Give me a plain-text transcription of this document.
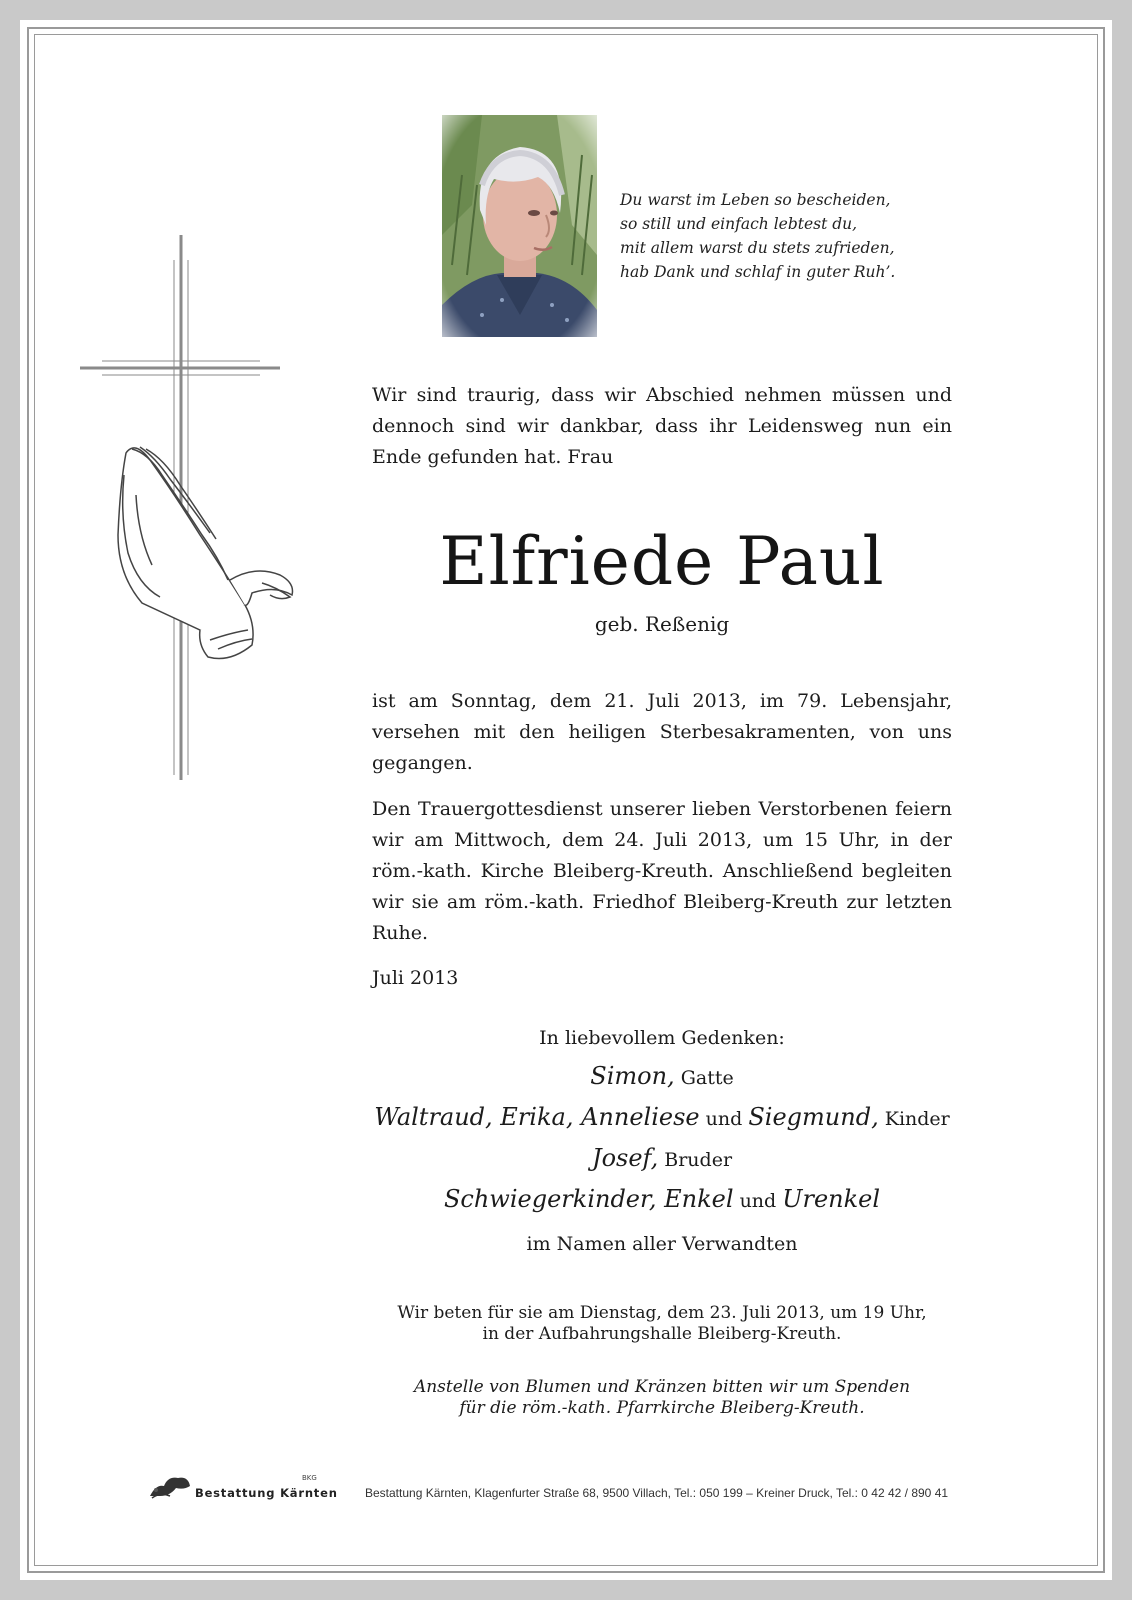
Du warst im Leben so bescheiden,
so still und einfach lebtest du,
mit allem warst du stets zufrieden,
hab Dank und schlaf in guter Ruh’.
Wir sind traurig, dass wir Abschied nehmen müssen und dennoch sind wir dankbar, dass ihr Leidensweg nun ein Ende gefunden hat. Frau
Elfriede Paul
geb. Reßenig
ist am Sonntag, dem 21. Juli 2013, im 79. Lebensjahr, versehen mit den heiligen Sterbesakramenten, von uns gegangen.
Den Trauergottesdienst unserer lieben Verstorbenen feiern wir am Mittwoch, dem 24. Juli 2013, um 15 Uhr, in der röm.-kath. Kirche Bleiberg-Kreuth. Anschließend begleiten wir sie am röm.-kath. Friedhof Bleiberg-Kreuth zur letzten Ruhe.
Juli 2013
In liebevollem Gedenken:
Simon, Gatte
Waltraud, Erika, Anneliese und Siegmund, Kinder
Josef, Bruder
Schwiegerkinder, Enkel und Urenkel
im Namen aller Verwandten
Wir beten für sie am Dienstag, dem 23. Juli 2013, um 19 Uhr,
in der Aufbahrungshalle Bleiberg-Kreuth.
Anstelle von Blumen und Kränzen bitten wir um Spenden
für die röm.-kath. Pfarrkirche Bleiberg-Kreuth.
BKG
Bestattung Kärnten Bestattung Kärnten, Klagenfurter Straße 68, 9500 Villach, Tel.: 050 199 – Kreiner Druck, Tel.: 0 42 42 / 890 41
